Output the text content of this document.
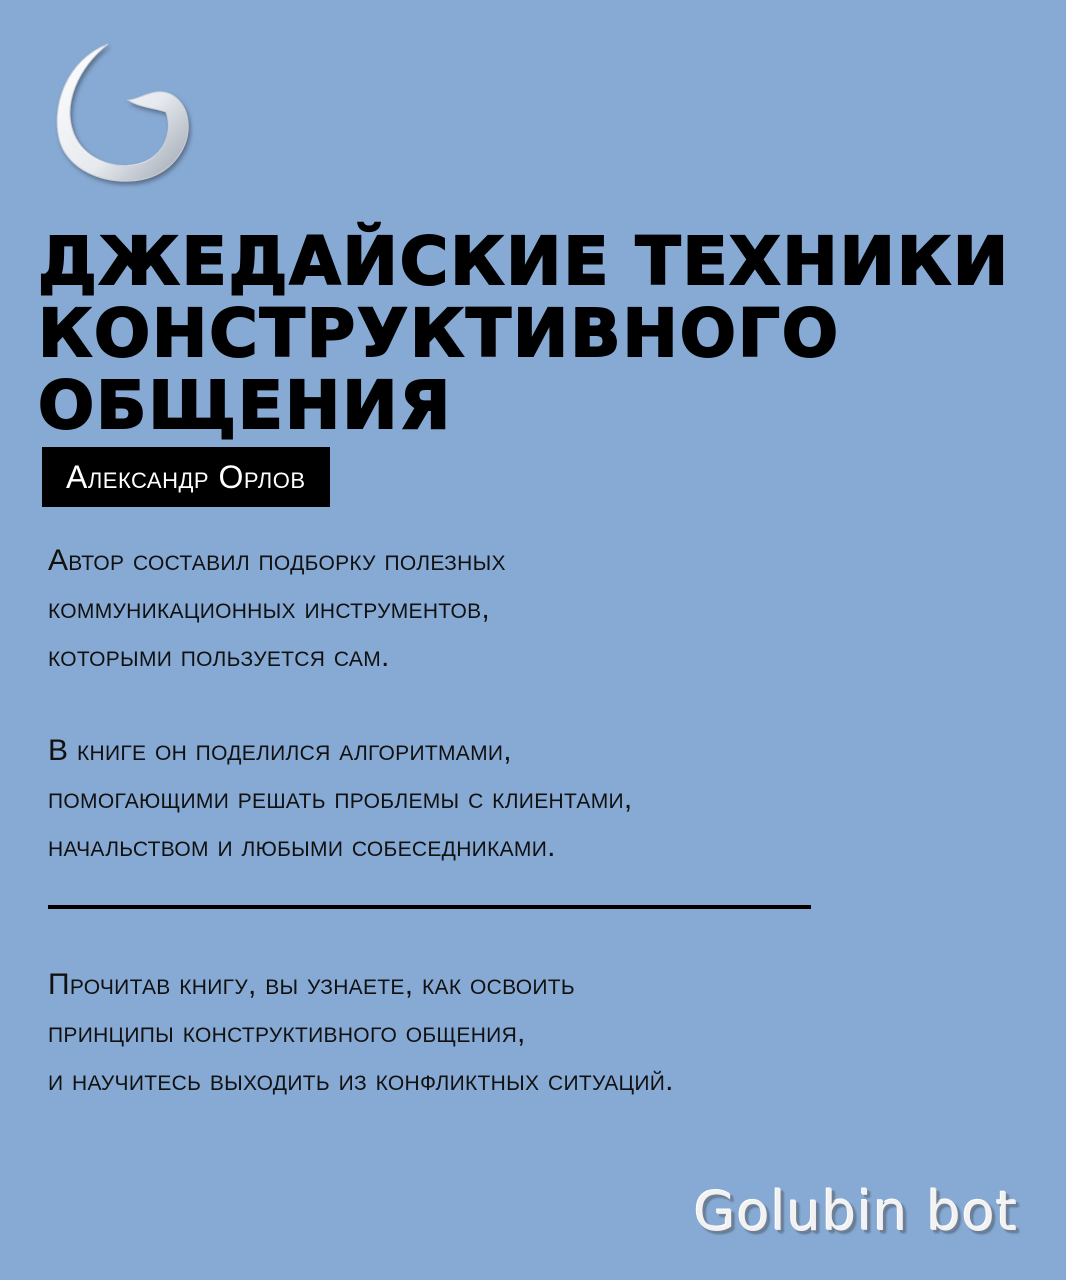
ДЖЕДАЙСКИЕ ТЕХНИКИ
КОНСТРУКТИВНОГО
ОБЩЕНИЯ
Александр Орлов

Автор составил подборку полезных
коммуникационных инструментов,
которыми пользуется сам.

В книге он поделился алгоритмами,
помогающими решать проблемы с клиентами,
начальством и любыми собеседниками.

Прочитав книгу, вы узнаете, как освоить
принципы конструктивного общения,
и научитесь выходить из конфликтных ситуаций.

Golubin bot
